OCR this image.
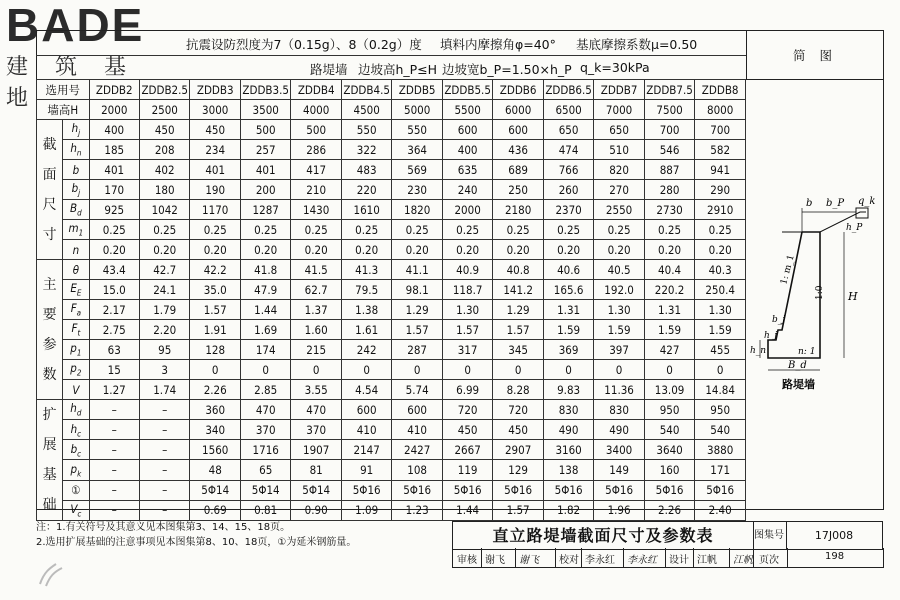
BADE
建 筑 基 地
抗震设防烈度为7（0.15g）、8（0.2g）度 填料内摩擦角φ=40° 基底摩擦系数μ=0.50
路堤墙 边坡高h_P≤H 边坡宽b_P=1.50×h_P q_k=30kPa
简图
选用号		ZDDB2	ZDDB2.5	ZDDB3	ZDDB3.5	ZDDB4	ZDDB4.5	ZDDB5	ZDDB5.5	ZDDB6	ZDDB6.5	ZDDB7	ZDDB7.5	ZDDB8
墙高H		2000	2500	3000	3500	4000	4500	5000	5500	6000	6500	7000	7500	8000
截
面
尺
寸	$h_j$	400	450	450	500	500	550	550	600	600	650	650	700	700
	$h_n$	185	208	234	257	286	322	364	400	436	474	510	546	582
	b	401	402	401	401	417	483	569	635	689	766	820	887	941
	$b_j$	170	180	190	200	210	220	230	240	250	260	270	280	290
	$B_d$	925	1042	1170	1287	1430	1610	1820	2000	2180	2370	2550	2730	2910
	$m_1$	0.25	0.25	0.25	0.25	0.25	0.25	0.25	0.25	0.25	0.25	0.25	0.25	0.25
	n	0.20	0.20	0.20	0.20	0.20	0.20	0.20	0.20	0.20	0.20	0.20	0.20	0.20
主
要
参
数	θ	43.4	42.7	42.2	41.8	41.5	41.3	41.1	40.9	40.8	40.6	40.5	40.4	40.3
	$E_E$	15.0	24.1	35.0	47.9	62.7	79.5	98.1	118.7	141.2	165.6	192.0	220.2	250.4
	$F_a$	2.17	1.79	1.57	1.44	1.37	1.38	1.29	1.30	1.29	1.31	1.30	1.31	1.30
	$F_t$	2.75	2.20	1.91	1.69	1.60	1.61	1.57	1.57	1.57	1.59	1.59	1.59	1.59
	$p_1$	63	95	128	174	215	242	287	317	345	369	397	427	455
	$p_2$	15	3	0	0	0	0	0	0	0	0	0	0	0
	V	1.27	1.74	2.26	2.85	3.55	4.54	5.74	6.99	8.28	9.83	11.36	13.09	14.84
扩
展
基
础	$h_d$	–	–	360	470	470	600	600	720	720	830	830	950	950
	$h_c$	–	–	340	370	370	410	410	450	450	490	490	540	540
	$b_c$	–	–	1560	1716	1907	2147	2427	2667	2907	3160	3400	3640	3880
	$p_k$	–	–	48	65	81	91	108	119	129	138	149	160	171
	①	–	–	5Φ14	5Φ14	5Φ14	5Φ16	5Φ16	5Φ16	5Φ16	5Φ16	5Φ16	5Φ16	5Φ16
	$V_c$	–	–	0.69	0.81	0.90	1.09	1.23	1.44	1.57	1.82	1.96	2.26	2.40
b b_P q_k
h_P
1: m_1
1:0 H
b_j
h_j
h_n	n: 1
B_d
路堤墙
注：1.有关符号及其意义见本图集第3、14、15、18页。
2.选用扩展基础的注意事项见本图集第8、10、18页，①为延米钢筋量。	直立路堤墙截面尺寸及参数表	图集号	17J008
审核 谢飞 谢飞 校对 李永红 李永红 设计 江帆 江帆 页次	198
